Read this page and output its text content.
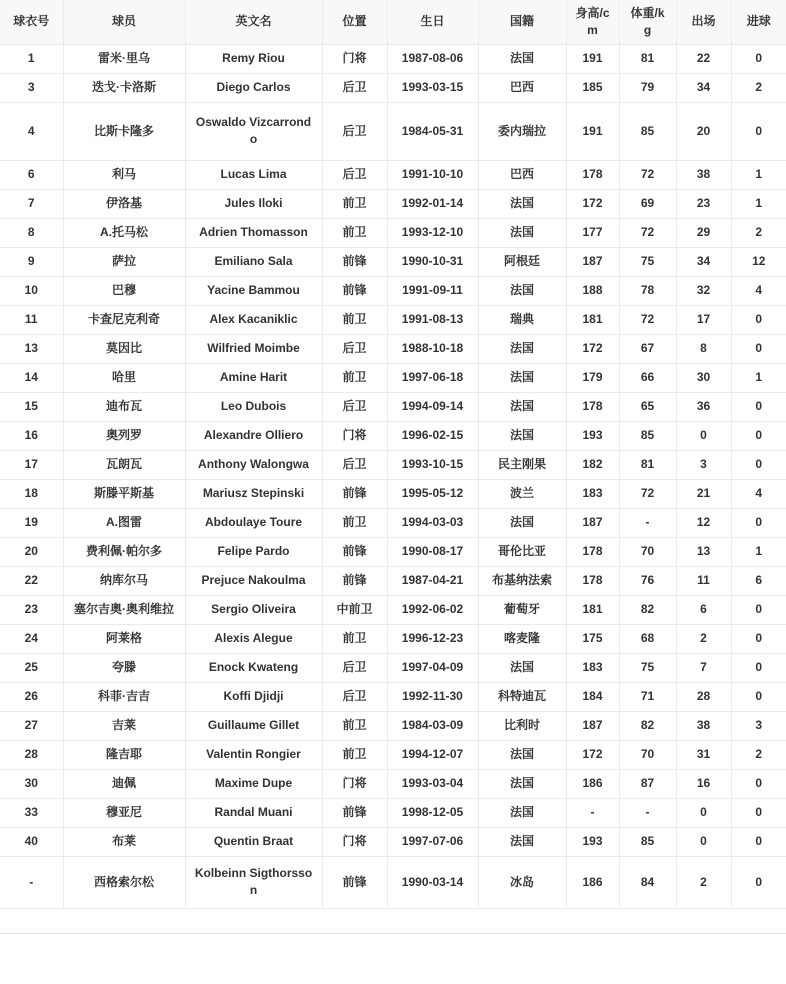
球衣号	球员	英文名	位置	生日	国籍	身高/cm	体重/kg	出场	进球
1	雷米·里乌	Remy Riou	门将	1987-08-06	法国	191	81	22	0
3	迭戈·卡洛斯	Diego Carlos	后卫	1993-03-15	巴西	185	79	34	2
4	比斯卡隆多	Oswaldo Vizcarrondo	后卫	1984-05-31	委内瑞拉	191	85	20	0
6	利马	Lucas Lima	后卫	1991-10-10	巴西	178	72	38	1
7	伊洛基	Jules Iloki	前卫	1992-01-14	法国	172	69	23	1
8	A.托马松	Adrien Thomasson	前卫	1993-12-10	法国	177	72	29	2
9	萨拉	Emiliano Sala	前锋	1990-10-31	阿根廷	187	75	34	12
10	巴穆	Yacine Bammou	前锋	1991-09-11	法国	188	78	32	4
11	卡查尼克利奇	Alex Kacaniklic	前卫	1991-08-13	瑞典	181	72	17	0
13	莫因比	Wilfried Moimbe	后卫	1988-10-18	法国	172	67	8	0
14	哈里	Amine Harit	前卫	1997-06-18	法国	179	66	30	1
15	迪布瓦	Leo Dubois	后卫	1994-09-14	法国	178	65	36	0
16	奥列罗	Alexandre Olliero	门将	1996-02-15	法国	193	85	0	0
17	瓦朗瓦	Anthony Walongwa	后卫	1993-10-15	民主刚果	182	81	3	0
18	斯滕平斯基	Mariusz Stepinski	前锋	1995-05-12	波兰	183	72	21	4
19	A.图雷	Abdoulaye Toure	前卫	1994-03-03	法国	187	-	12	0
20	费利佩·帕尔多	Felipe Pardo	前锋	1990-08-17	哥伦比亚	178	70	13	1
22	纳库尔马	Prejuce Nakoulma	前锋	1987-04-21	布基纳法索	178	76	11	6
23	塞尔吉奥·奥利维拉	Sergio Oliveira	中前卫	1992-06-02	葡萄牙	181	82	6	0
24	阿莱格	Alexis Alegue	前卫	1996-12-23	喀麦隆	175	68	2	0
25	夸滕	Enock Kwateng	后卫	1997-04-09	法国	183	75	7	0
26	科菲·吉吉	Koffi Djidji	后卫	1992-11-30	科特迪瓦	184	71	28	0
27	吉莱	Guillaume Gillet	前卫	1984-03-09	比利时	187	82	38	3
28	隆吉耶	Valentin Rongier	前卫	1994-12-07	法国	172	70	31	2
30	迪佩	Maxime Dupe	门将	1993-03-04	法国	186	87	16	0
33	穆亚尼	Randal Muani	前锋	1998-12-05	法国	-	-	0	0
40	布莱	Quentin Braat	门将	1997-07-06	法国	193	85	0	0
-	西格索尔松	Kolbeinn Sigthorsson	前锋	1990-03-14	冰岛	186	84	2	0
